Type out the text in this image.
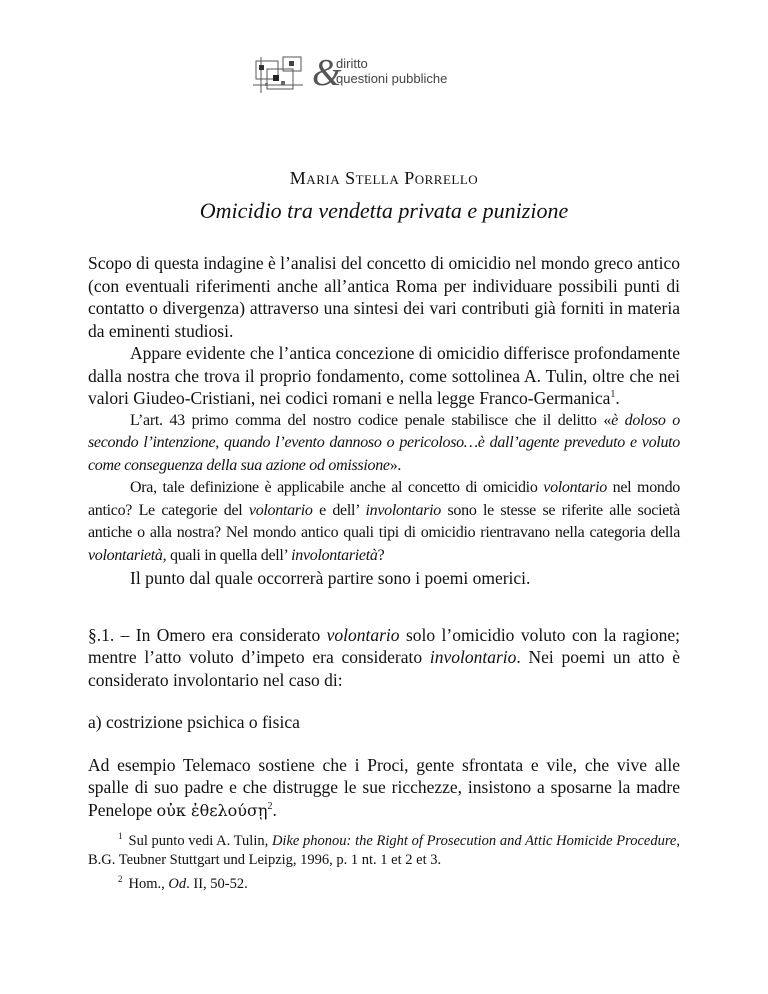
&
diritto
questioni pubbliche
Maria Stella Porrello
Omicidio tra vendetta privata e punizione

Scopo di questa indagine è l’analisi del concetto di omicidio nel mondo greco antico (con eventuali riferimenti anche all’antica Roma per individuare possibili punti di contatto o divergenza) attraverso una sintesi dei vari contributi già forniti in materia da eminenti studiosi.

Appare evidente che l’antica concezione di omicidio differisce profondamente dalla nostra che trova il proprio fondamento, come sottolinea A. Tulin, oltre che nei valori Giudeo-Cristiani, nei codici romani e nella legge Franco-Germanica$^1$.

L’art. 43 primo comma del nostro codice penale stabilisce che il delitto «è doloso o secondo l’intenzione, quando l’evento dannoso o pericoloso…è dall’agente preveduto e voluto come conseguenza della sua azione od omissione».

Ora, tale definizione è applicabile anche al concetto di omicidio volontario nel mondo antico? Le categorie del volontario e dell’ involontario sono le stesse se riferite alle società antiche o alla nostra? Nel mondo antico quali tipi di omicidio rientravano nella categoria della volontarietà, quali in quella dell’ involontarietà?

Il punto dal quale occorrerà partire sono i poemi omerici.

§.1. – In Omero era considerato volontario solo l’omicidio voluto con la ragione; mentre l’atto voluto d’impeto era considerato involontario. Nei poemi un atto è considerato involontario nel caso di:

a) costrizione psichica o fisica

Ad esempio Telemaco sostiene che i Proci, gente sfrontata e vile, che vive alle spalle di suo padre e che distrugge le sue ricchezze, insistono a sposarne la madre Penelope οὐκ ἐθελούσῃ$^2$.

$^1$ Sul punto vedi A. Tulin, Dike phonou: the Right of Prosecution and Attic Homicide Procedure, B.G. Teubner Stuttgart und Leipzig, 1996, p. 1 nt. 1 et 2 et 3.

$^2$ Hom., Od. II, 50-52.
